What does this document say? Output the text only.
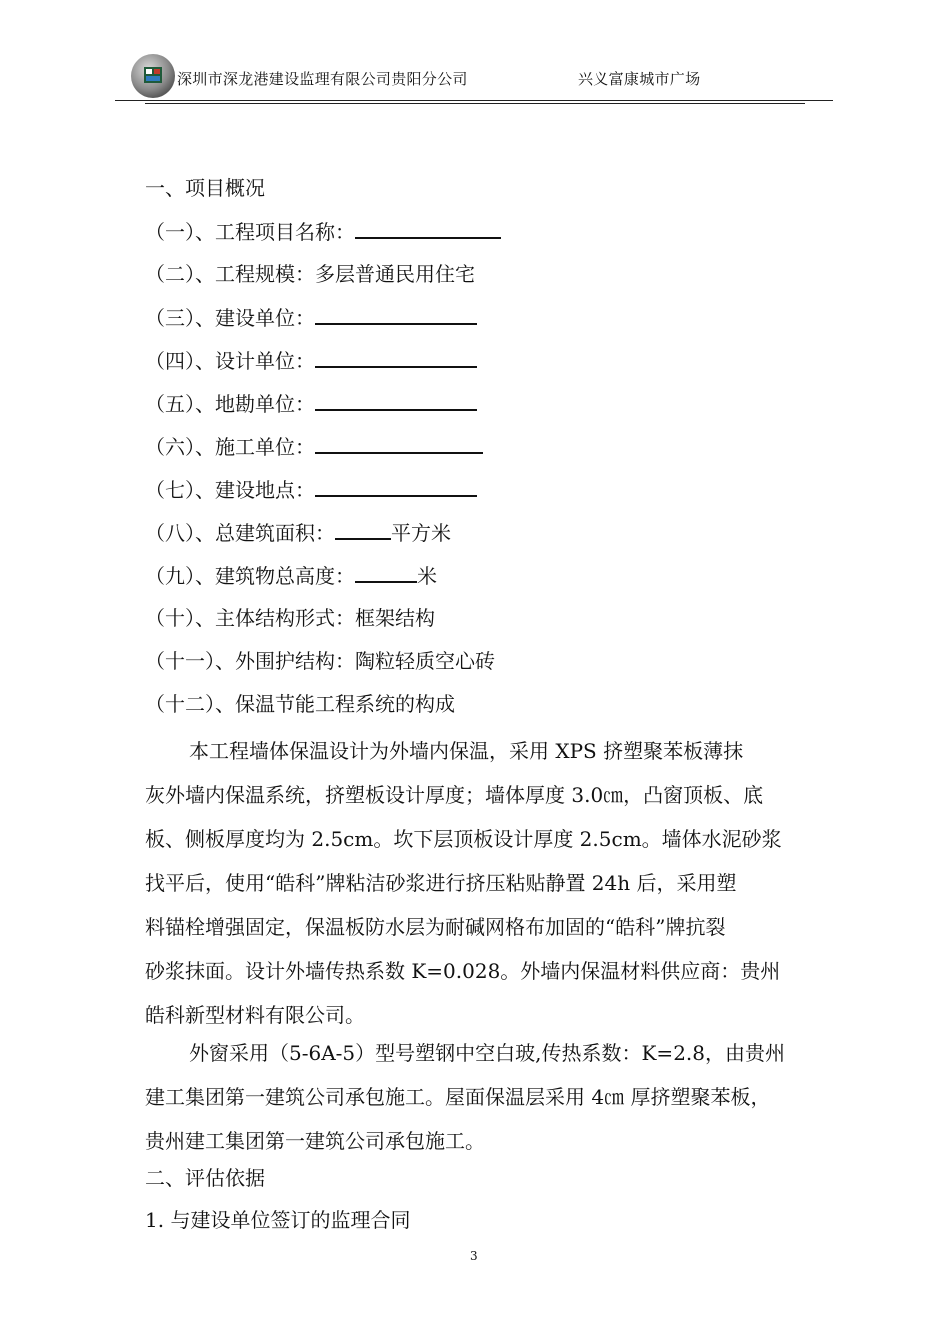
深圳市深龙港建设监理有限公司贵阳分公司	兴义富康城市广场
一、项目概况
（一）、工程项目名称：
（二）、工程规模：多层普通民用住宅
（三）、建设单位：
（四）、设计单位：
（五）、地勘单位：
（六）、施工单位：
（七）、建设地点：
（八）、总建筑面积：	平方米
（九）、建筑物总高度：	米
（十）、主体结构形式：框架结构
（十一）、外围护结构：陶粒轻质空心砖
（十二）、保温节能工程系统的构成
本工程墙体保温设计为外墙内保温，采用 XPS 挤塑聚苯板薄抹
灰外墙内保温系统，挤塑板设计厚度；墙体厚度 3.0㎝，凸窗顶板、底
板、侧板厚度均为 2.5cm。坎下层顶板设计厚度 2.5cm。墙体水泥砂浆
找平后，使用“皓科”牌粘洁砂浆进行挤压粘贴静置 24h 后，采用塑
料锚栓增强固定，保温板防水层为耐碱网格布加固的“皓科”牌抗裂
砂浆抹面。设计外墙传热系数 K=0.028。外墙内保温材料供应商：贵州
皓科新型材料有限公司。
外窗采用（5-6A-5）型号塑钢中空白玻,传热系数：K=2.8，由贵州
建工集团第一建筑公司承包施工。屋面保温层采用 4㎝ 厚挤塑聚苯板，
贵州建工集团第一建筑公司承包施工。
二、评估依据
1. 与建设单位签订的监理合同
3
